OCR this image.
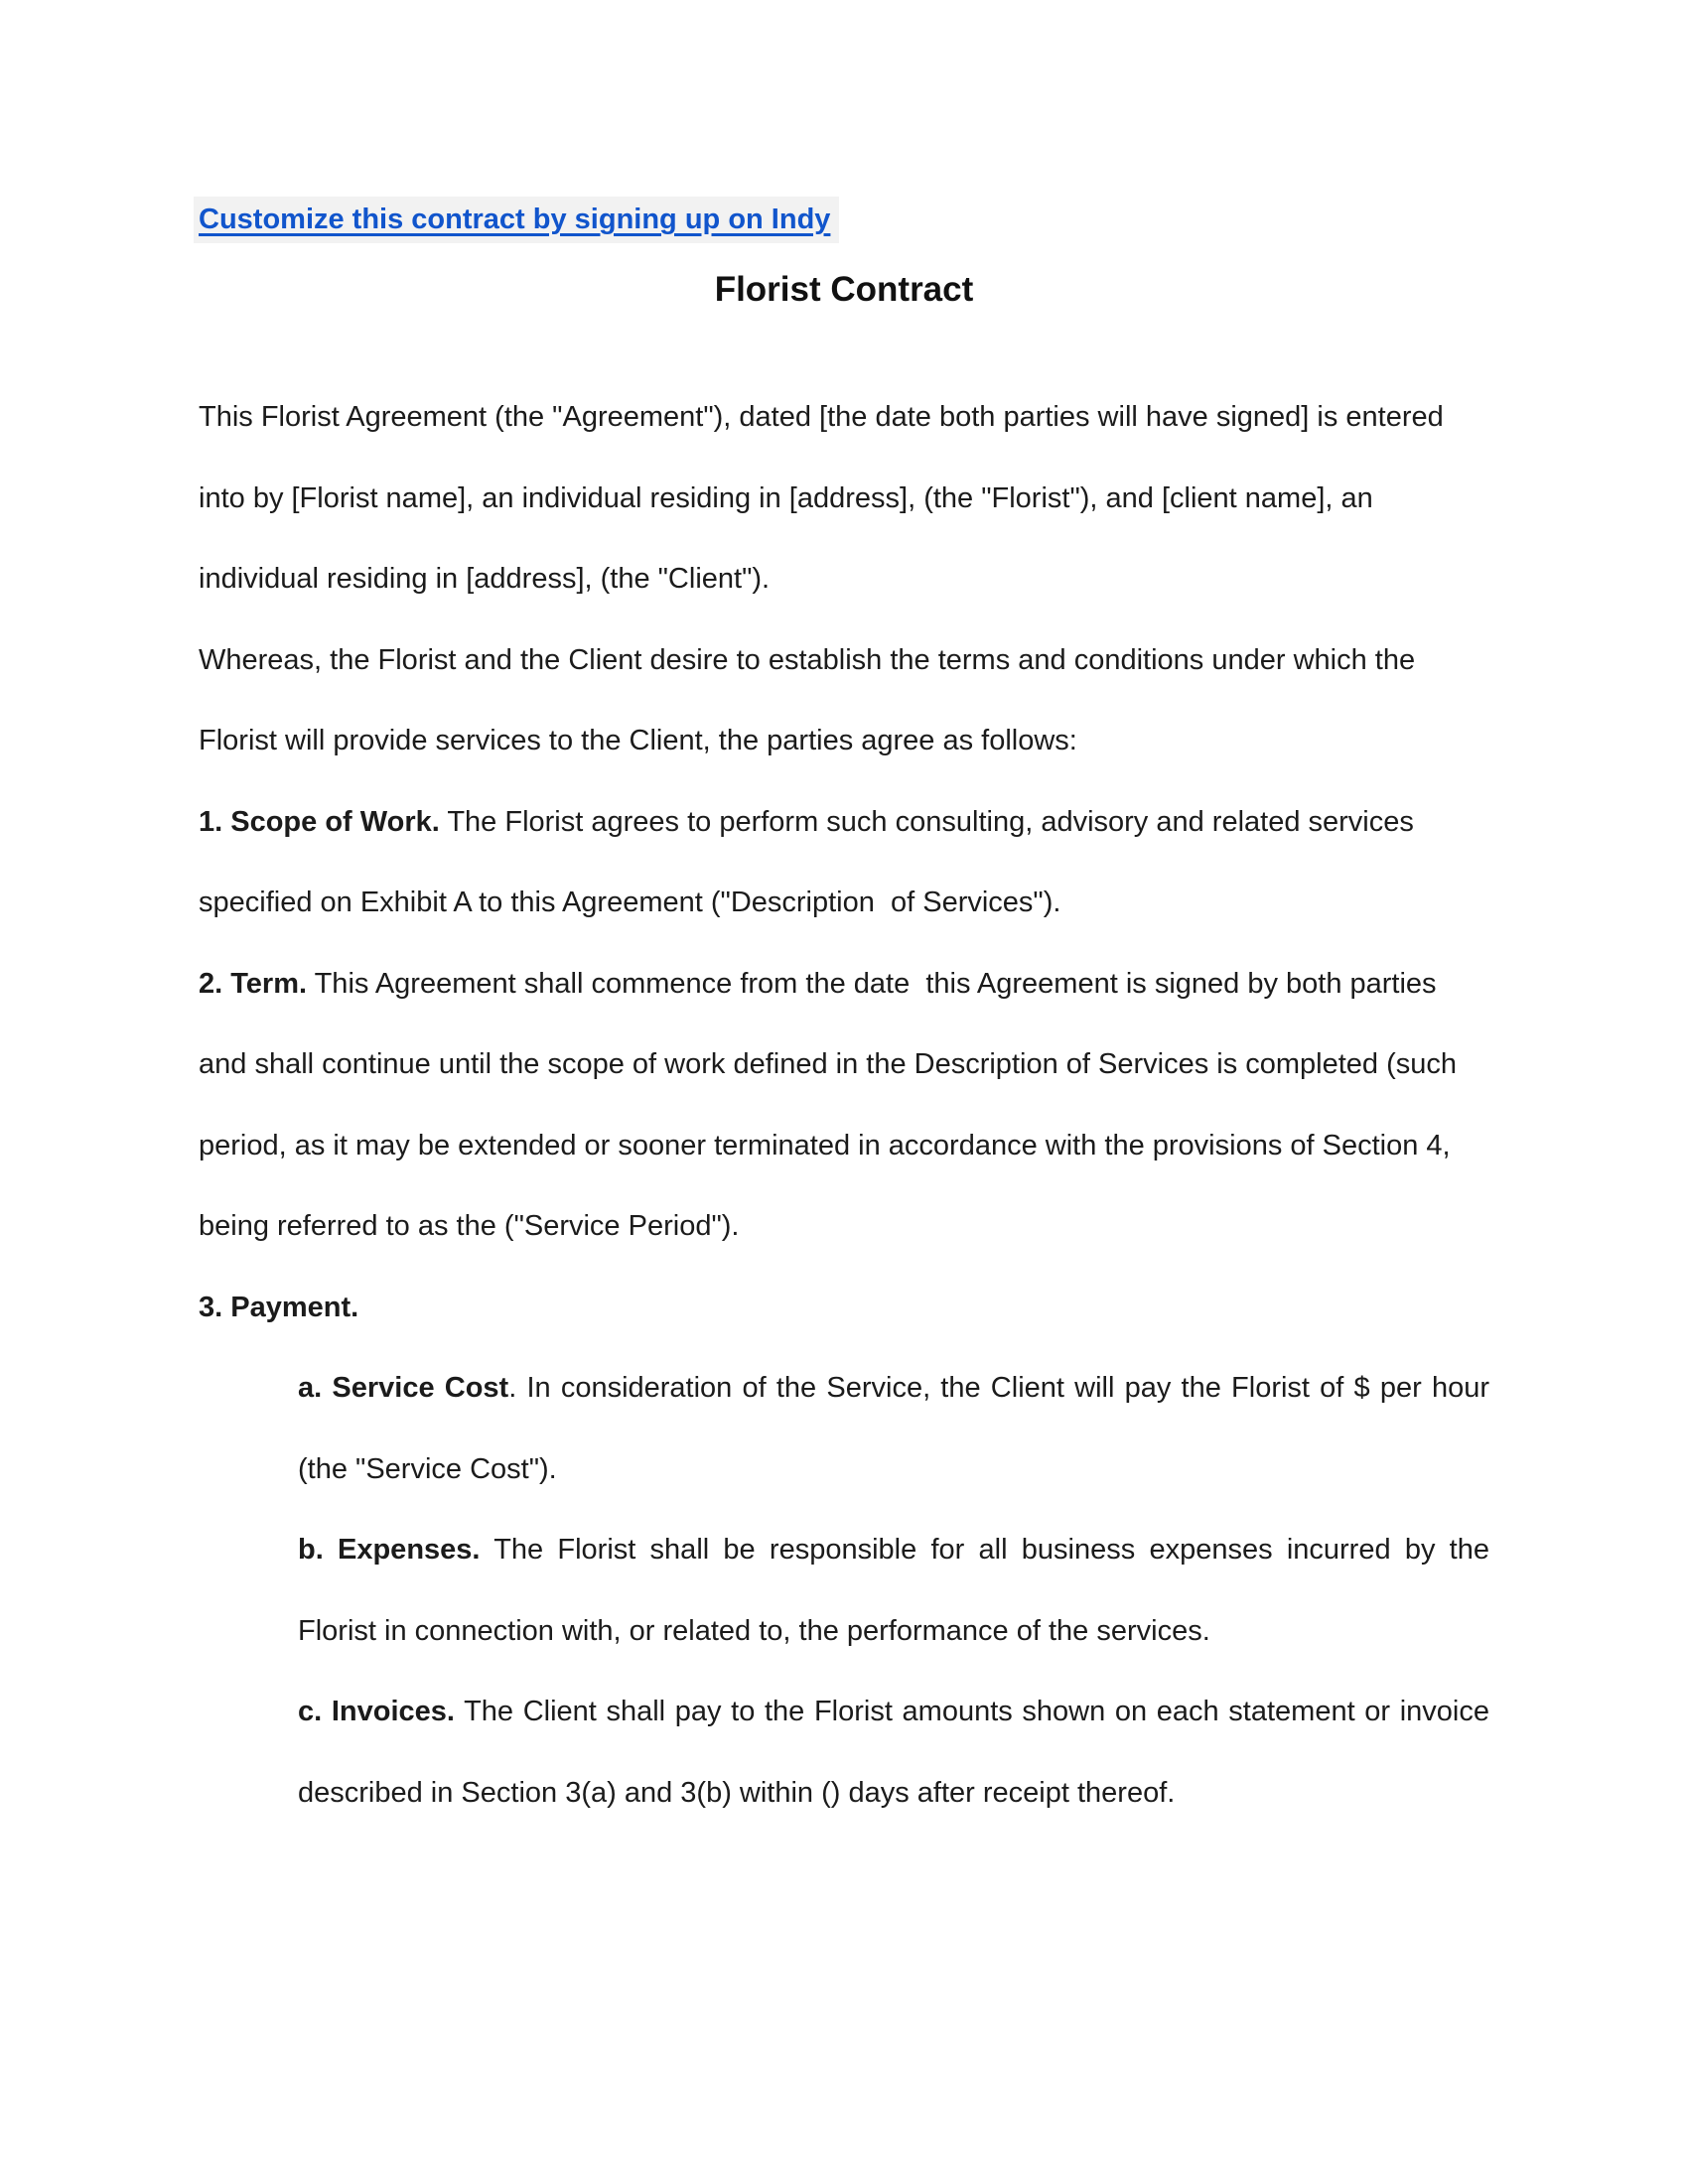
Customize this contract by signing up on Indy
Florist Contract
This Florist Agreement (the "Agreement"), dated [the date both parties will have signed] is entered
into by [Florist name], an individual residing in [address], (the "Florist"), and [client name], an
individual residing in [address], (the "Client").
Whereas, the Florist and the Client desire to establish the terms and conditions under which the
Florist will provide services to the Client, the parties agree as follows:
1. Scope of Work. The Florist agrees to perform such consulting, advisory and related services
specified on Exhibit A to this Agreement ("Description  of Services").
2. Term. This Agreement shall commence from the date  this Agreement is signed by both parties
and shall continue until the scope of work defined in the Description of Services is completed (such
period, as it may be extended or sooner terminated in accordance with the provisions of Section 4,
being referred to as the ("Service Period").
3. Payment.
a. Service Cost. In consideration of the Service, the Client will pay the Florist of $ per hour
(the "Service Cost").
b. Expenses. The Florist shall be responsible for all business expenses incurred by the
Florist in connection with, or related to, the performance of the services.
c. Invoices. The Client shall pay to the Florist amounts shown on each statement or invoice
described in Section 3(a) and 3(b) within () days after receipt thereof.
